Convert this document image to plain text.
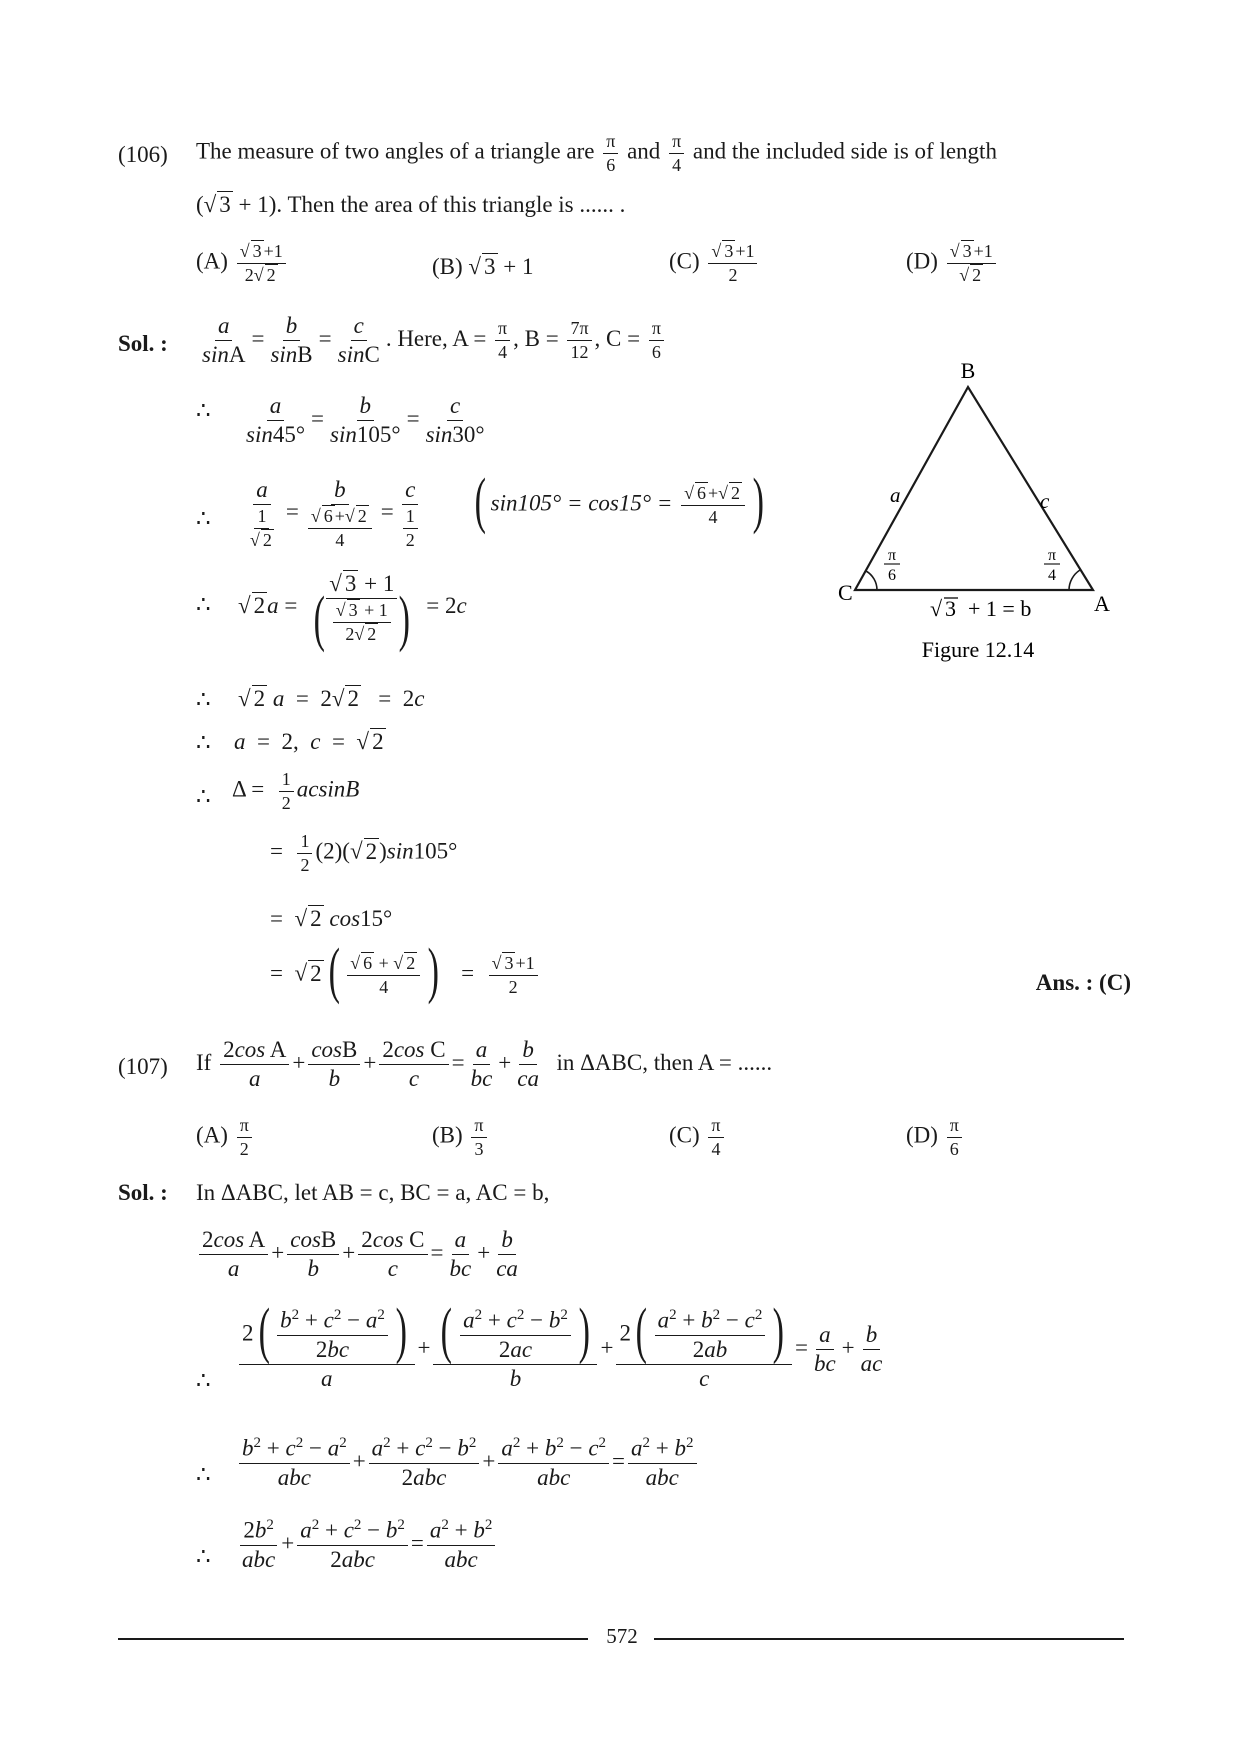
(106) The measure of two angles of a triangle are $\frac{\pi}{6}$ and $\frac{\pi}{4}$ and the included side is of length
(√ 3 + 1). Then the area of this triangle is ...... .
$(A) \frac{√ 3 +1}{2√ 2}$	(B) √ 3 + 1	$(C) \frac{√ 3 +1}{2}$	$(D) \frac{√ 3 +1}{√ 2}$
Sol. : $\frac{a}{\sin A} = \frac{b}{\sin B} = \frac{c}{\sin C}$ . Here, $A = \frac{\pi}{4}$ , $B = \frac{7\pi}{12}$ , $C = \frac{\pi}{6}$
∴ $\frac{a}{\sin 45^\circ} = \frac{b}{\sin 105^\circ} = \frac{c}{\sin 30^\circ}$
∴ $\frac{a}{\frac{1}{√ 2}} = \frac{b}{\frac{√ 6 +√ 2}{4}} = \frac{c}{\frac{1}{2}}$ ( $\sin 105^\circ = \cos 15^\circ = \frac{√ 6 +√ 2}{4}$ )
∴ √ $2a = \frac{√ 3 + 1}{( \frac{√ 3 + 1}{2√ 2} )} = 2c$
∴ √ 2 a  =  2√ 2   =  2c
∴ a  =  2,  c  =  √ 2
∴ $\Delta = \frac{1}{2}$ acsinB
= $\frac{1}{2} (2)(√$ 2)sin105°
=  √ 2 cos15°
=  √ 2 ( $\frac{√ 6 + √ 2}{4}$ )   = $\frac{√ 3 +1}{2}$	Ans. : (C)
B
C	A
a	c
π
6
π
4
√ 3 + 1 = b
Figure 12.14
(107) If $\frac{\text{2cos A}}{a} + \frac{\cos B}{b} + \frac{\text{2cos C}}{c} = \frac{a}{bc} + \frac{b}{ca}$ in ΔABC, then A = ......
$(A) \frac{\pi}{2}$	$(B) \frac{\pi}{3}$	$(C) \frac{\pi}{4}$	$(D) \frac{\pi}{6}$
Sol. : In ΔABC, let AB = c, BC = a, AC = b,
$\frac{\text{2cos A}}{a} + \frac{\cos B}{b} + \frac{\text{2cos C}}{c} = \frac{a}{bc} + \frac{b}{ca}$
∴ $\frac{2( \frac{b^2 + c^2 - a^2}{2bc} )}{a} + \frac{( \frac{a^2 + c^2 - b^2}{2ac} )}{b} + \frac{2( \frac{a^2 + b^2 - c^2}{2ab} )}{c} = \frac{a}{bc} + \frac{b}{ac}$
∴ $\frac{b^2 + c^2 - a^2}{\text{abc}} + \frac{a^2 + c^2 - b^2}{\text{2abc}} + \frac{a^2 + b^2 - c^2}{\text{abc}} = \frac{a^2 + b^2}{\text{abc}}$
∴ $\frac{2b^2}{\text{abc}} + \frac{a^2 + c^2 - b^2}{\text{2abc}} = \frac{a^2 + b^2}{\text{abc}}$
572
